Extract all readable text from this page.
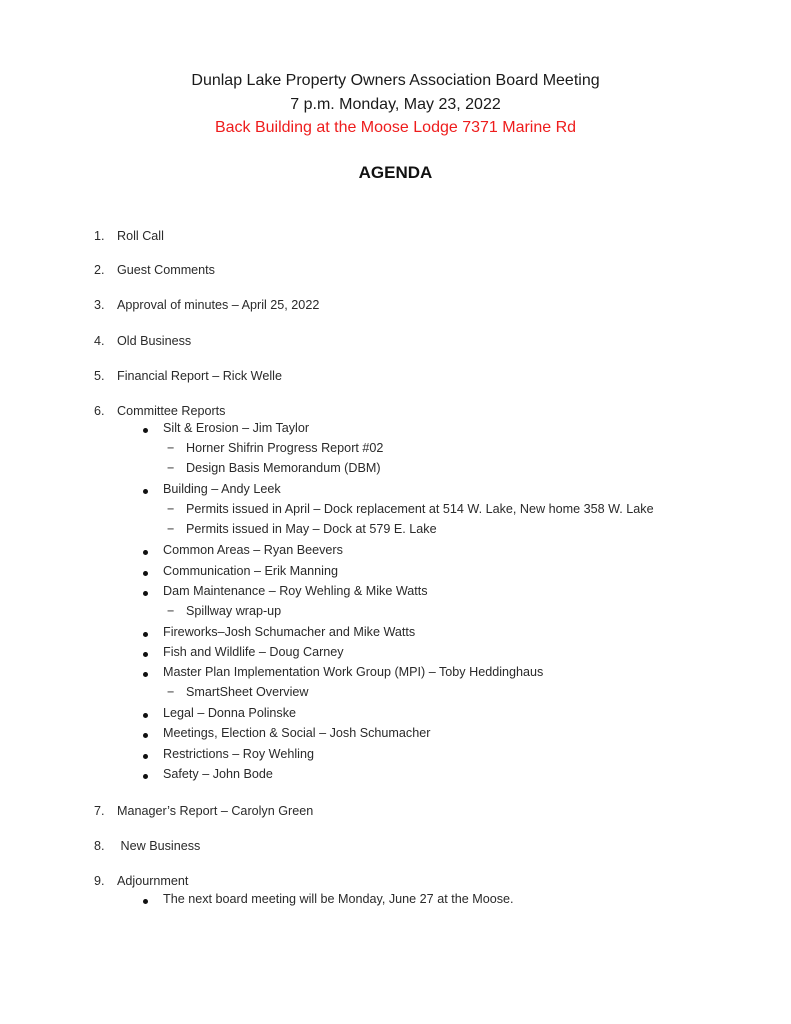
Dunlap Lake Property Owners Association Board Meeting
7 p.m. Monday, May 23, 2022
Back Building at the Moose Lodge 7371 Marine Rd
AGENDA
1. Roll Call
2. Guest Comments
3. Approval of minutes – April 25, 2022
4. Old Business
5. Financial Report – Rick Welle
6. Committee Reports
Silt & Erosion – Jim Taylor
− Horner Shifrin Progress Report #02
− Design Basis Memorandum (DBM)
Building – Andy Leek
− Permits issued in April – Dock replacement at 514 W. Lake, New home 358 W. Lake
− Permits issued in May – Dock at 579 E. Lake
Common Areas – Ryan Beevers
Communication – Erik Manning
Dam Maintenance – Roy Wehling & Mike Watts
− Spillway wrap-up
Fireworks–Josh Schumacher and Mike Watts
Fish and Wildlife – Doug Carney
Master Plan Implementation Work Group (MPI) – Toby Heddinghaus
− SmartSheet Overview
Legal – Donna Polinske
Meetings, Election & Social – Josh Schumacher
Restrictions – Roy Wehling
Safety – John Bode
7. Manager’s Report – Carolyn Green
8. New Business
9. Adjournment
The next board meeting will be Monday, June 27 at the Moose.
